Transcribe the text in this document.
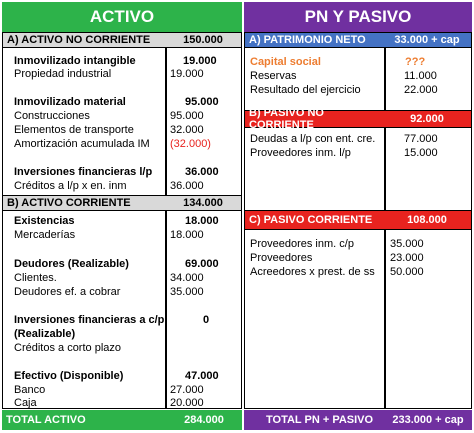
ACTIVO
A) ACTIVO NO CORRIENTE	150.000
Inmovilizado intangible	19.000
Propiedad industrial	19.000
Inmovilizado material	95.000
Construcciones	95.000
Elementos de transporte	32.000
Amortización acumulada IM (32.000)
Inversiones financieras l/p	36.000
Créditos a l/p x en. inm	36.000
B) ACTIVO CORRIENTE	134.000
Existencias	18.000
Mercaderías	18.000
Deudores (Realizable)	69.000
Clientes.	34.000
Deudores ef. a cobrar	35.000
Inversiones financieras a c/p	0
(Realizable)
Créditos a corto plazo
Efectivo (Disponible)	47.000
Banco	27.000
Caja	20.000
TOTAL ACTIVO	284.000
PN Y PASIVO
A) PATRIMONIO NETO	33.000 + cap
Capital social	???
Reservas	11.000
Resultado del ejercicio	22.000
B) PASIVO NO CORRIENTE	92.000
Deudas a l/p con ent. cre.	77.000
Proveedores inm. l/p	15.000
C) PASIVO CORRIENTE	108.000
Proveedores inm. c/p	35.000
Proveedores	23.000
Acreedores x prest. de ss 50.000
TOTAL PN + PASIVO	233.000 + cap
